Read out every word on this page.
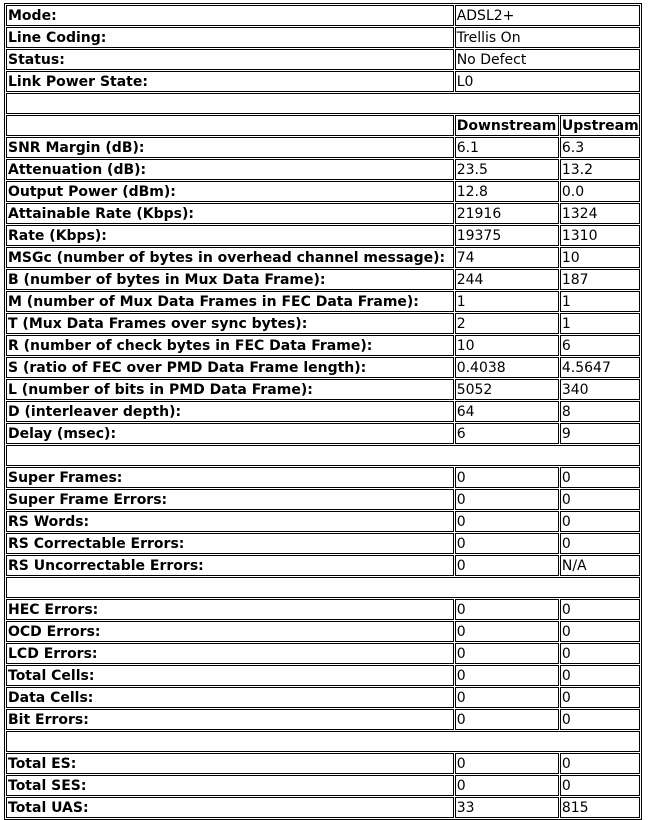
Mode:	ADSL2+	
Line Coding:	Trellis On	
Status:	No Defect	
Link Power State:	L0	

	Downstream	Upstream
SNR Margin (dB):	6.1	6.3
Attenuation (dB):	23.5	13.2
Output Power (dBm):	12.8	0.0
Attainable Rate (Kbps):	21916	1324
Rate (Kbps):	19375	1310
MSGc (number of bytes in overhead channel message):	74	10
B (number of bytes in Mux Data Frame):	244	187
M (number of Mux Data Frames in FEC Data Frame):	1	1
T (Mux Data Frames over sync bytes):	2	1
R (number of check bytes in FEC Data Frame):	10	6
S (ratio of FEC over PMD Data Frame length):	0.4038	4.5647
L (number of bits in PMD Data Frame):	5052	340
D (interleaver depth):	64	8
Delay (msec):	6	9

Super Frames:	0	0
Super Frame Errors:	0	0
RS Words:	0	0
RS Correctable Errors:	0	0
RS Uncorrectable Errors:	0	N/A

HEC Errors:	0	0
OCD Errors:	0	0
LCD Errors:	0	0
Total Cells:	0	0
Data Cells:	0	0
Bit Errors:	0	0

Total ES:	0	0
Total SES:	0	0
Total UAS:	33	815
